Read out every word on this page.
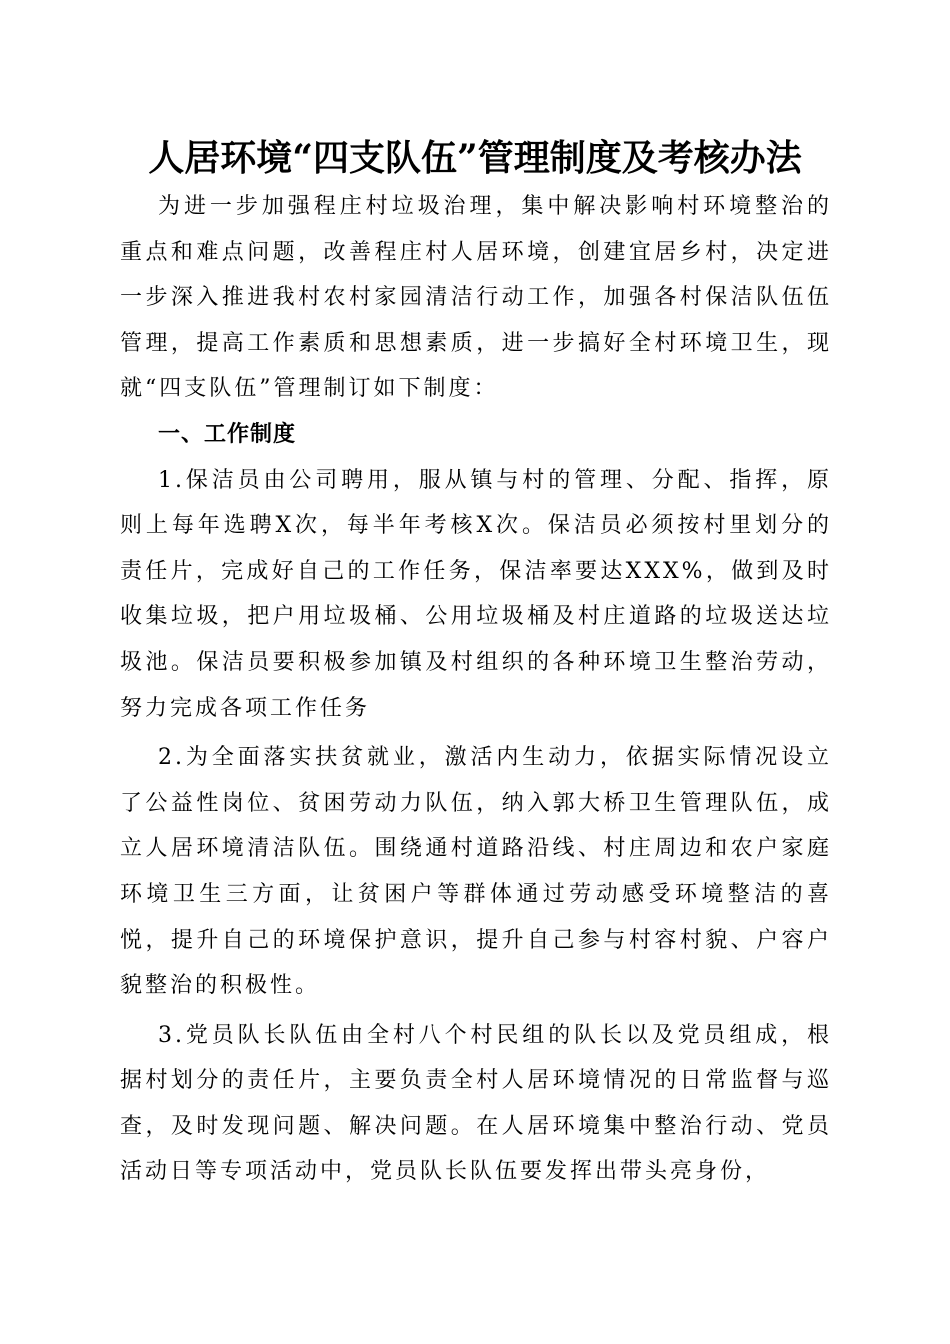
人居环境“四支队伍”管理制度及考核办法

为进一步加强程庄村垃圾治理，集中解决影响村环境整治的重点和难点问题，改善程庄村人居环境，创建宜居乡村，决定进一步深入推进我村农村家园清洁行动工作，加强各村保洁队伍伍管理，提高工作素质和思想素质，进一步搞好全村环境卫生，现就“四支队伍”管理制订如下制度：

一、工作制度

1.保洁员由公司聘用，服从镇与村的管理、分配、指挥，原则上每年选聘X次，每半年考核X次。保洁员必须按村里划分的责任片，完成好自己的工作任务，保洁率要达XXX%，做到及时收集垃圾，把户用垃圾桶、公用垃圾桶及村庄道路的垃圾送达垃圾池。保洁员要积极参加镇及村组织的各种环境卫生整治劳动，努力完成各项工作任务

2.为全面落实扶贫就业，激活内生动力，依据实际情况设立了公益性岗位、贫困劳动力队伍，纳入郭大桥卫生管理队伍，成立人居环境清洁队伍。围绕通村道路沿线、村庄周边和农户家庭环境卫生三方面，让贫困户等群体通过劳动感受环境整洁的喜悦，提升自己的环境保护意识，提升自己参与村容村貌、户容户貌整治的积极性。

3.党员队长队伍由全村八个村民组的队长以及党员组成，根据村划分的责任片，主要负责全村人居环境情况的日常监督与巡查，及时发现问题、解决问题。在人居环境集中整治行动、党员活动日等专项活动中，党员队长队伍要发挥出带头亮身份，
